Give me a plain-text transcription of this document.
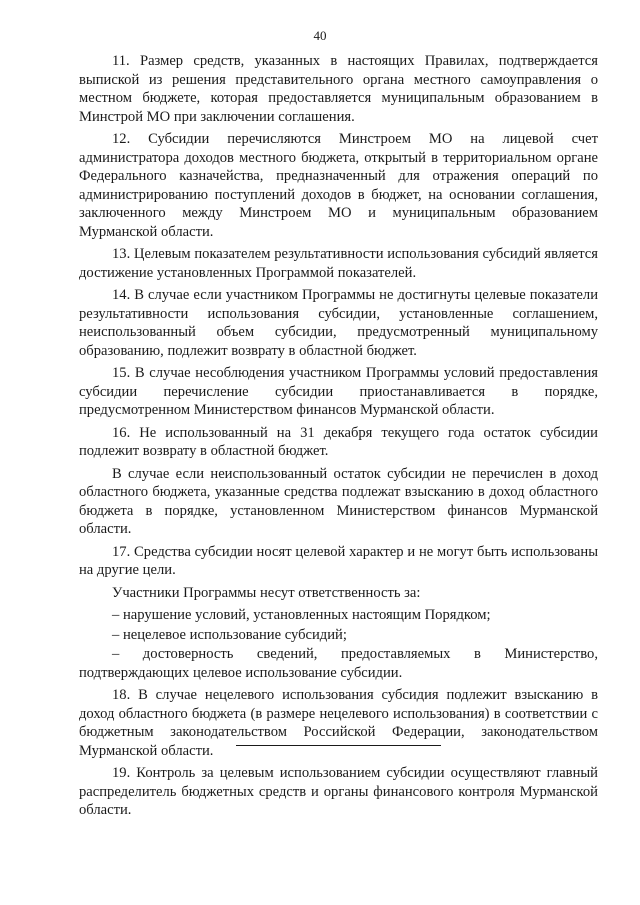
40

11. Размер средств, указанных в настоящих Правилах, подтверждается выпиской из решения представительного органа местного самоуправления о местном бюджете, которая предоставляется муниципальным образованием в Минстрой МО при заключении соглашения.

12. Субсидии перечисляются Минстроем МО на лицевой счет администратора доходов местного бюджета, открытый в территориальном органе Федерального казначейства, предназначенный для отражения операций по администрированию поступлений доходов в бюджет, на основании соглашения, заключенного между Минстроем МО и муниципальным образованием Мурманской области.

13. Целевым показателем результативности использования субсидий является достижение установленных Программой показателей.

14. В случае если участником Программы не достигнуты целевые показатели результативности использования субсидии, установленные соглашением, неиспользованный объем субсидии, предусмотренный муниципальному образованию, подлежит возврату в областной бюджет.

15. В случае несоблюдения участником Программы условий предоставления субсидии перечисление субсидии приостанавливается в порядке, предусмотренном Министерством финансов Мурманской области.

16. Не использованный на 31 декабря текущего года остаток субсидии подлежит возврату в областной бюджет.

В случае если неиспользованный остаток субсидии не перечислен в доход областного бюджета, указанные средства подлежат взысканию в доход областного бюджета в порядке, установленном Министерством финансов Мурманской области.

17. Средства субсидии носят целевой характер и не могут быть использованы на другие цели.

Участники Программы несут ответственность за:

– нарушение условий, установленных настоящим Порядком;

– нецелевое использование субсидий;

– достоверность сведений, предоставляемых в Министерство, подтверждающих целевое использование субсидии.

18. В случае нецелевого использования субсидия подлежит взысканию в доход областного бюджета (в размере нецелевого использования) в соответствии с бюджетным законодательством Российской Федерации, законодательством Мурманской области.

19. Контроль за целевым использованием субсидии осуществляют главный распределитель бюджетных средств и органы финансового контроля Мурманской области.
